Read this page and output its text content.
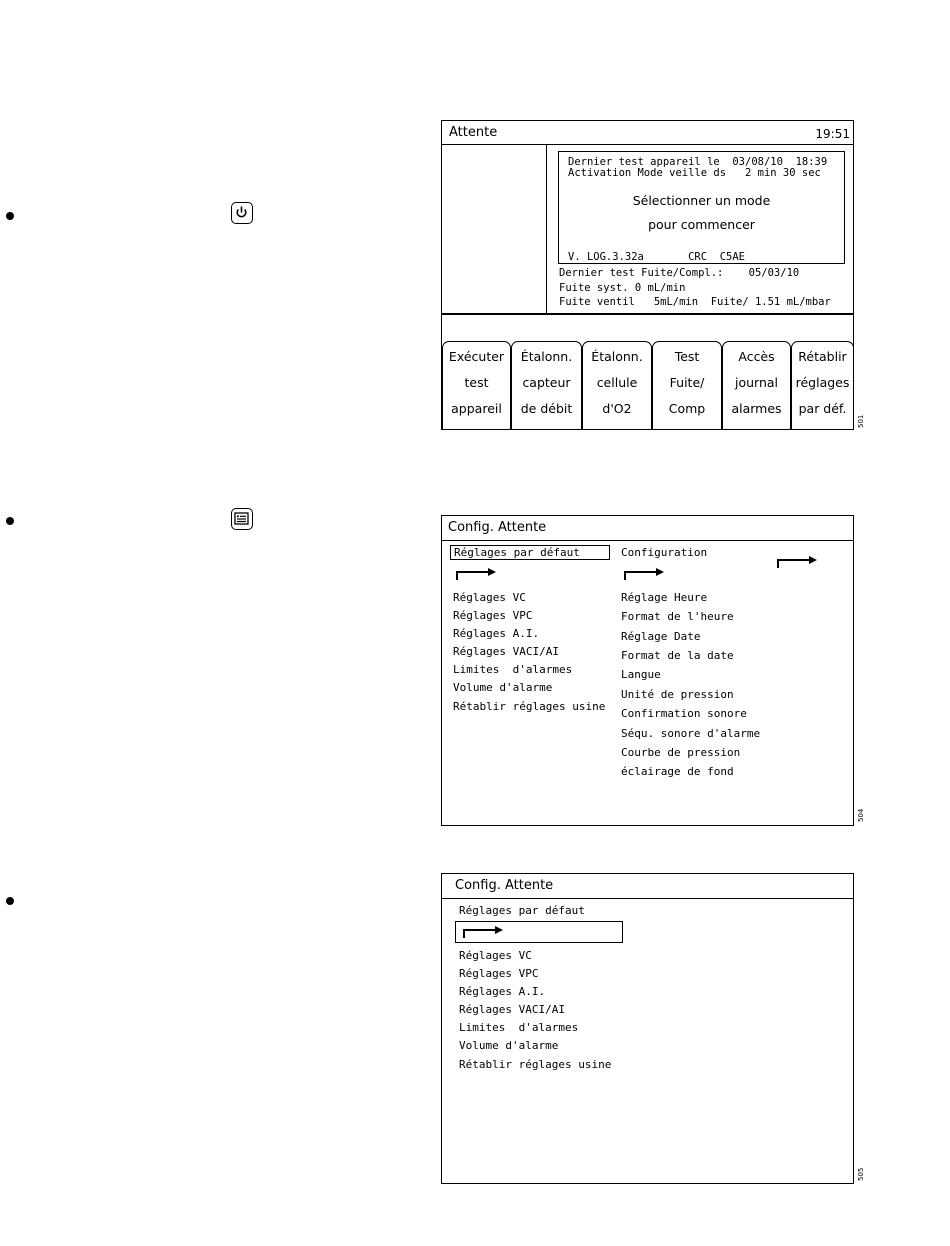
Attente	19:51
Dernier test appareil le  03/08/10  18:39
Activation Mode veille ds   2 min 30 sec
Sélectionner un mode
pour commencer
V. LOG.3.32a       CRC  C5AE
Dernier test Fuite/Compl.:    05/03/10
Fuite syst. 0 mL/min
Fuite ventil   5mL/min  Fuite/ 1.51 mL/mbar
Exécuter
test
appareil
Étalonn.
capteur
de débit
Étalonn.
cellule
d'O2
Test
Fuite/
Comp
Accès
journal
alarmes
Rétablir
réglages
par déf.
501
Config. Attente
Réglages par défaut	Configuration
Réglages VC
Réglages VPC
Réglages A.I.
Réglages VACI/AI
Limites  d'alarmes
Volume d'alarme
Rétablir réglages usine
Réglage Heure
Format de l'heure
Réglage Date
Format de la date
Langue
Unité de pression
Confirmation sonore
Séqu. sonore d'alarme
Courbe de pression
éclairage de fond
504
Config. Attente
Réglages par défaut
Réglages VC
Réglages VPC
Réglages A.I.
Réglages VACI/AI
Limites  d'alarmes
Volume d'alarme
Rétablir réglages usine
505
